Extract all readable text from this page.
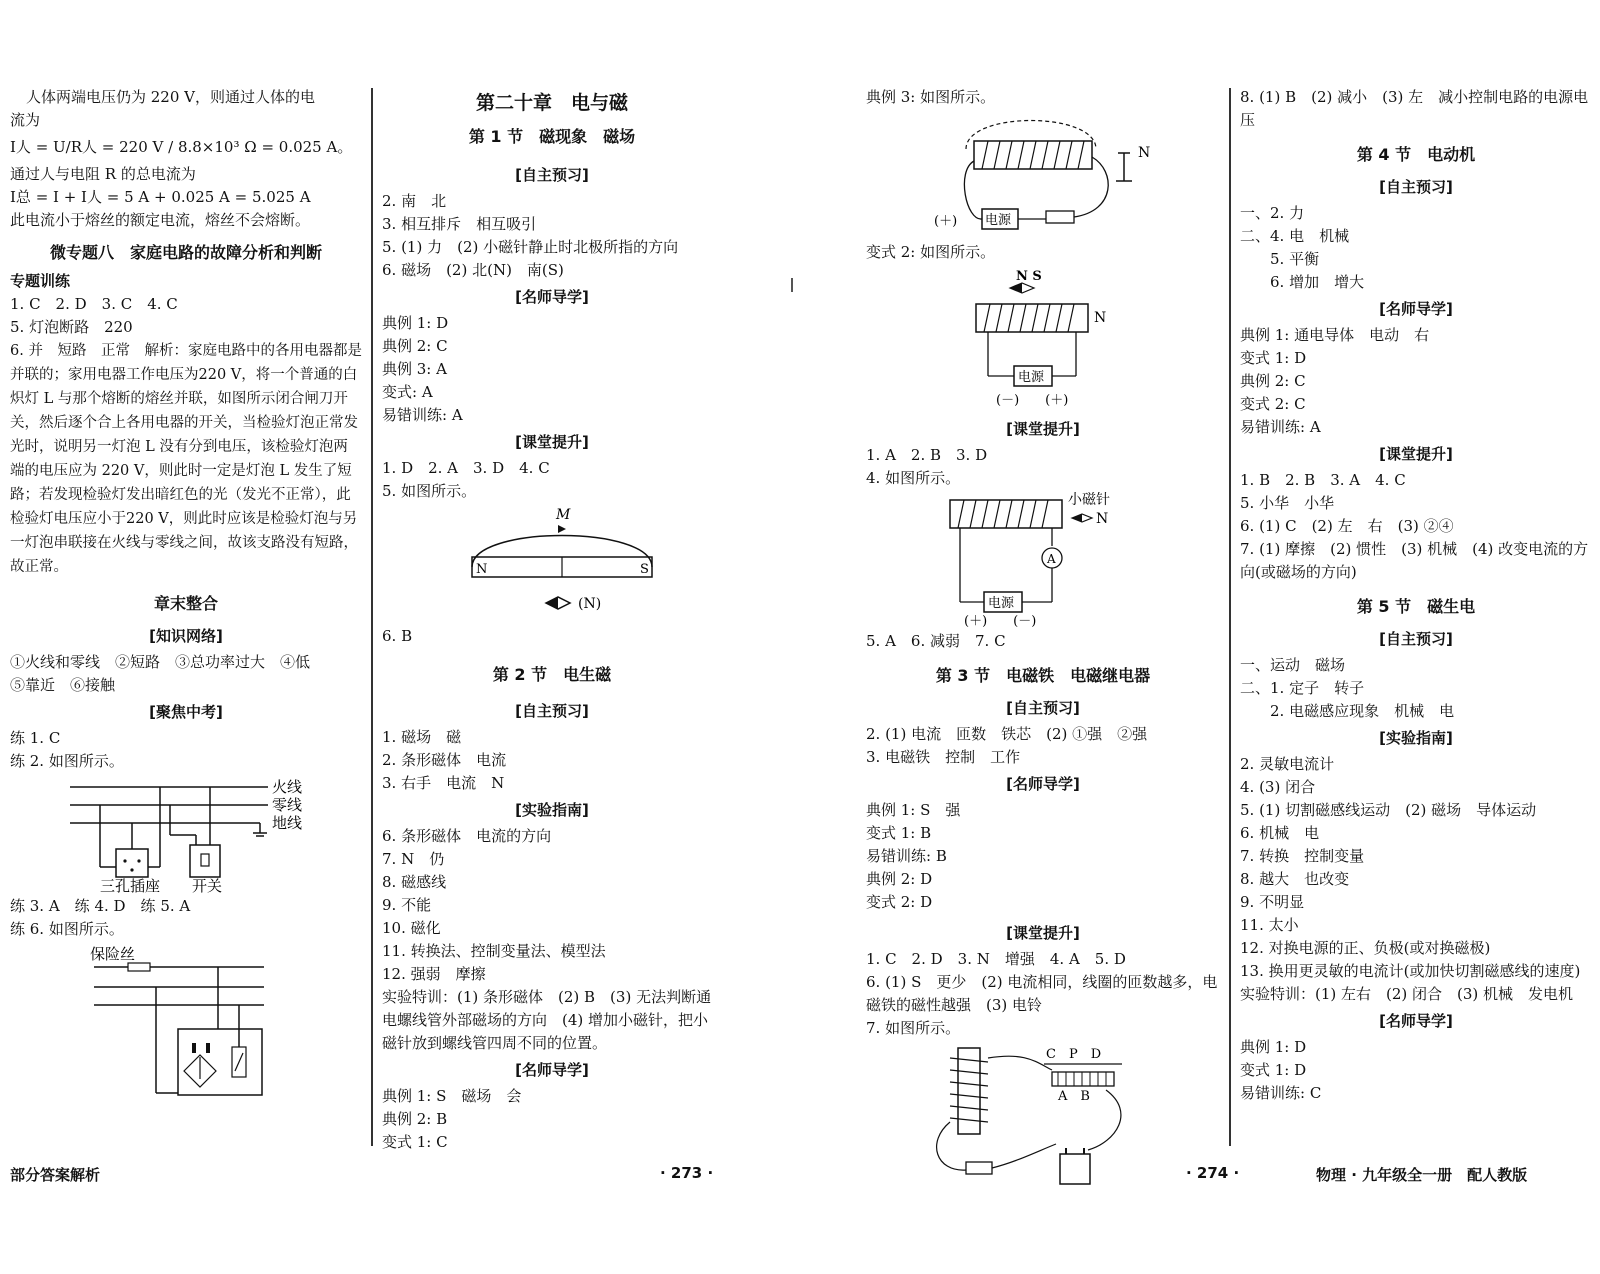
人体两端电压仍为 220 V，则通过人体的电
流为
I人 = U/R人 = 220 V / 8.8×10³ Ω = 0.025 A。
通过人与电阻 R 的总电流为
I总 = I + I人 = 5 A + 0.025 A = 5.025 A
此电流小于熔丝的额定电流，熔丝不会熔断。
微专题八　家庭电路的故障分析和判断
专题训练
1. C　2. D　3. C　4. C
5. 灯泡断路　220
6. 并　短路　正常　解析：家庭电路中的各用电器都是并联的；家用电器工作电压为220 V，将一个普通的白炽灯 L 与那个熔断的熔丝并联，如图所示闭合闸刀开关，然后逐个合上各用电器的开关，当检验灯泡正常发光时，说明另一灯泡 L 没有分到电压，该检验灯泡两端的电压应为 220 V，则此时一定是灯泡 L 发生了短路；若发现检验灯发出暗红色的光（发光不正常），此检验灯电压应小于220 V，则此时应该是检验灯泡与另一灯泡串联接在火线与零线之间，故该支路没有短路，故正常。
章末整合
[知识网络]
①火线和零线　②短路　③总功率过大　④低
⑤靠近　⑥接触
[聚焦中考]
练 1. C
练 2. 如图所示。
火线
零线
地线
三孔插座 开关
练 3. A　练 4. D　练 5. A
练 6. 如图所示。
保险丝
第二十章　电与磁
第 1 节　磁现象　磁场
[自主预习]
2. 南　北
3. 相互排斥　相互吸引
5. (1) 力　(2) 小磁针静止时北极所指的方向
6. 磁场　(2) 北(N)　南(S)
[名师导学]
典例 1: D
典例 2: C
典例 3: A
变式: A
易错训练: A
[课堂提升]
1. D　2. A　3. D　4. C
5. 如图所示。
M
N	S
(N)
6. B
第 2 节　电生磁
[自主预习]
1. 磁场　磁
2. 条形磁体　电流
3. 右手　电流　N
[实验指南]
6. 条形磁体　电流的方向
7. N　仍
8. 磁感线
9. 不能
10. 磁化
11. 转换法、控制变量法、模型法
12. 强弱　摩擦
实验特训：(1) 条形磁体　(2) B　(3) 无法判断通电螺线管外部磁场的方向　(4) 增加小磁针，把小磁针放到螺线管四周不同的位置。
[名师导学]
典例 1: S　磁场　会
典例 2: B
变式 1: C
典例 3: 如图所示。
N
电源
(＋)
变式 2: 如图所示。
N S
N
电源
(－)　　(＋)
[课堂提升]
1. A　2. B　3. D
4. 如图所示。
小磁针
N
A
电源
(＋)　　(－)
5. A　6. 减弱　7. C
第 3 节　电磁铁　电磁继电器
[自主预习]
2. (1) 电流　匝数　铁芯　(2) ①强　②强
3. 电磁铁　控制　工作
[名师导学]
典例 1: S　强
变式 1: B
易错训练: B
典例 2: D
变式 2: D
[课堂提升]
1. C　2. D　3. N　增强　4. A　5. D
6. (1) S　更少　(2) 电流相同，线圈的匝数越多，电磁铁的磁性越强　(3) 电铃
7. 如图所示。
C　P　D
A　B
8. (1) B　(2) 减小　(3) 左　减小控制电路的电源电压
第 4 节　电动机
[自主预习]
一、2. 力
二、4. 电　机械
5. 平衡
6. 增加　增大
[名师导学]
典例 1: 通电导体　电动　右
变式 1: D
典例 2: C
变式 2: C
易错训练: A
[课堂提升]
1. B　2. B　3. A　4. C
5. 小华　小华
6. (1) C　(2) 左　右　(3) ②④
7. (1) 摩擦　(2) 惯性　(3) 机械　(4) 改变电流的方向(或磁场的方向)
第 5 节　磁生电
[自主预习]
一、运动　磁场
二、1. 定子　转子
2. 电磁感应现象　机械　电
[实验指南]
2. 灵敏电流计
4. (3) 闭合
5. (1) 切割磁感线运动　(2) 磁场　导体运动
6. 机械　电
7. 转换　控制变量
8. 越大　也改变
9. 不明显
11. 太小
12. 对换电源的正、负极(或对换磁极)
13. 换用更灵敏的电流计(或加快切割磁感线的速度)
实验特训：(1) 左右　(2) 闭合　(3) 机械　发电机
[名师导学]
典例 1: D
变式 1: D
易错训练: C
部分答案解析	· 273 ·	· 274 ·	物理 · 九年级全一册　配人教版
